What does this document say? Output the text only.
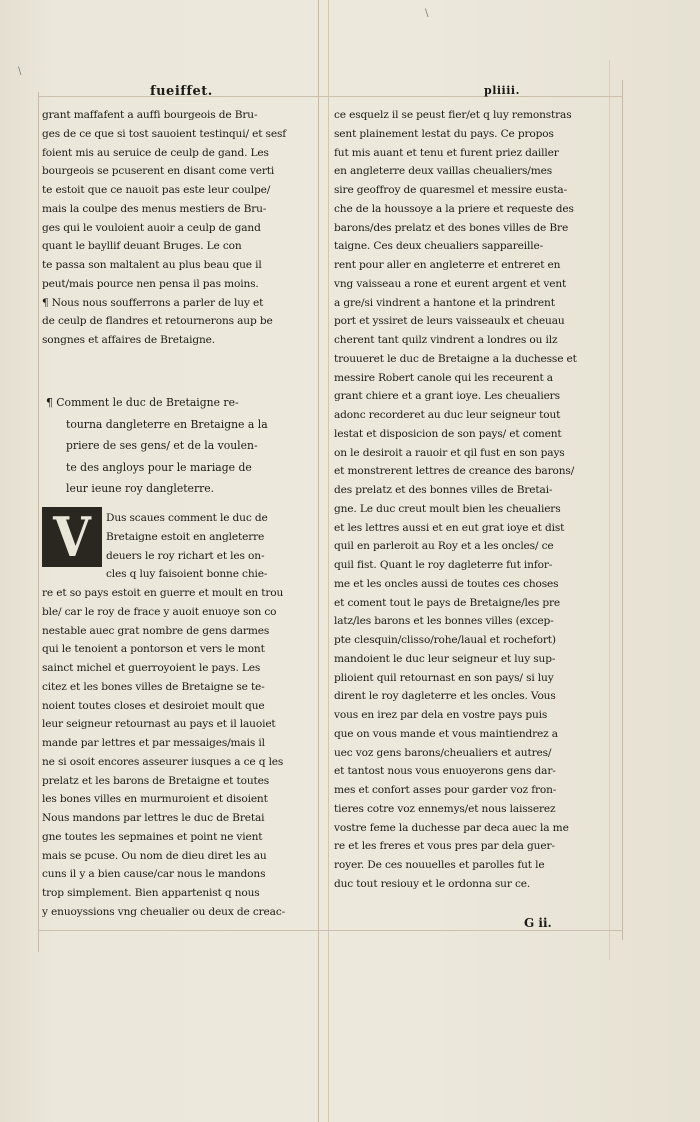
\
\
fueiffet.	pliiii.
grant maffafent a auffi bourgeois de Bru-
ges de ce que si tost sauoient testinqui/ et sesf
foient mis au seruice de ceulp de gand. Les
bourgeois se pcuserent en disant come verti
te estoit que ce nauoit pas este leur coulpe/
mais la coulpe des menus mestiers de Bru-
ges qui le vouloient auoir a ceulp de gand
quant le bayllif deuant Bruges. Le con
te passa son maltalent au plus beau que il
peut/mais pource nen pensa il pas moins.
¶ Nous nous soufferrons a parler de luy et
de ceulp de flandres et retournerons aup be
songnes et affaires de Bretaigne.
¶ Comment le duc de Bretaigne re-
tourna dangleterre en Bretaigne a la
priere de ses gens/ et de la voulen-
te des angloys pour le mariage de
leur ieune roy dangleterre.
V	Dus scaues comment le duc de
Bretaigne estoit en angleterre
deuers le roy richart et les on-
cles q luy faisoient bonne chie-
re et so pays estoit en guerre et moult en trou
ble/ car le roy de frace y auoit enuoye son co
nestable auec grat nombre de gens darmes
qui le tenoient a pontorson et vers le mont
sainct michel et guerroyoient le pays. Les
citez et les bones villes de Bretaigne se te-
noient toutes closes et desiroiet moult que
leur seigneur retournast au pays et il lauoiet
mande par lettres et par messaiges/mais il
ne si osoit encores asseurer iusques a ce q les
prelatz et les barons de Bretaigne et toutes
les bones villes en murmuroient et disoient
Nous mandons par lettres le duc de Bretai
gne toutes les sepmaines et point ne vient
mais se pcuse. Ou nom de dieu diret les au
cuns il y a bien cause/car nous le mandons
trop simplement. Bien appartenist q nous
y enuoyssions vng cheualier ou deux de creac-
ce esquelz il se peust fier/et q luy remonstras
sent plainement lestat du pays. Ce propos
fut mis auant et tenu et furent priez dailler
en angleterre deux vaillas cheualiers/mes
sire geoffroy de quaresmel et messire eusta-
che de la houssoye a la priere et requeste des
barons/des prelatz et des bones villes de Bre
taigne. Ces deux cheualiers sappareille-
rent pour aller en angleterre et entreret en
vng vaisseau a rone et eurent argent et vent
a gre/si vindrent a hantone et la prindrent
port et yssiret de leurs vaisseaulx et cheuau
cherent tant quilz vindrent a londres ou ilz
trouueret le duc de Bretaigne a la duchesse et
messire Robert canole qui les receurent a
grant chiere et a grant ioye. Les cheualiers
adonc recorderet au duc leur seigneur tout
lestat et disposicion de son pays/ et coment
on le desiroit a rauoir et qil fust en son pays
et monstrerent lettres de creance des barons/
des prelatz et des bonnes villes de Bretai-
gne. Le duc creut moult bien les cheualiers
et les lettres aussi et en eut grat ioye et dist
quil en parleroit au Roy et a les oncles/ ce
quil fist. Quant le roy dagleterre fut infor-
me et les oncles aussi de toutes ces choses
et coment tout le pays de Bretaigne/les pre
latz/les barons et les bonnes villes (excep-
pte clesquin/clisso/rohe/laual et rochefort)
mandoient le duc leur seigneur et luy sup-
plioient quil retournast en son pays/ si luy
dirent le roy dagleterre et les oncles. Vous
vous en irez par dela en vostre pays puis
que on vous mande et vous maintiendrez a
uec voz gens barons/cheualiers et autres/
et tantost nous vous enuoyerons gens dar-
mes et confort asses pour garder voz fron-
tieres cotre voz ennemys/et nous laisserez
vostre feme la duchesse par deca auec la me
re et les freres et vous pres par dela guer-
royer. De ces nouuelles et parolles fut le
duc tout resiouy et le ordonna sur ce.
G ii.
